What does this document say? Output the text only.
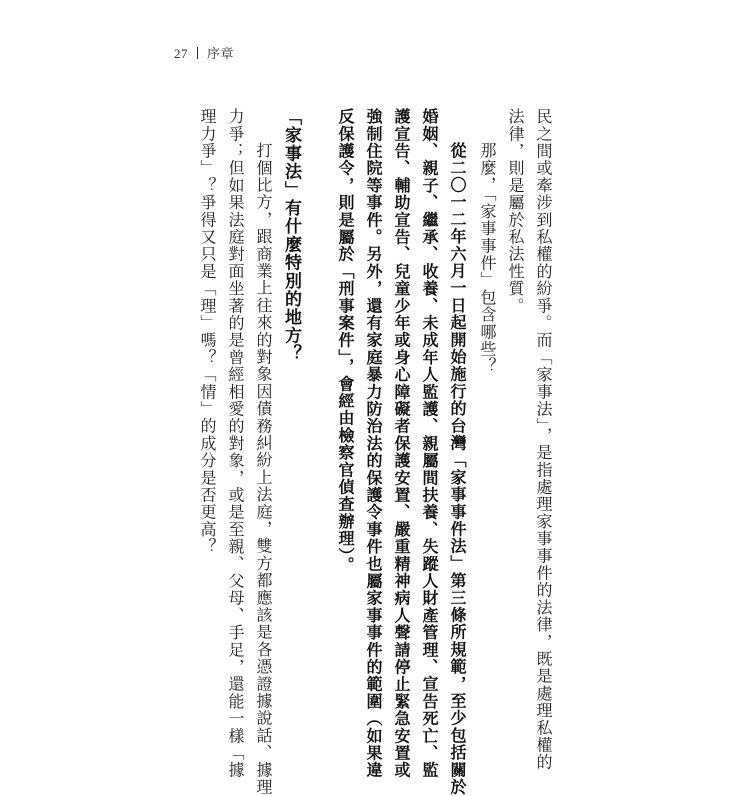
27 序章
民之間或牽涉到私權的紛爭。而「家事法」，是指處理家事事件的法律，既是處理私權的
法律，則是屬於私法性質。
那麼，「家事事件」包含哪些？
從二〇一二年六月一日起開始施行的台灣「家事事件法」第三條所規範，至少包括關於
婚姻、親子、繼承、收養、未成年人監護、親屬間扶養、失蹤人財產管理、宣告死亡、監
護宣告、輔助宣告、兒童少年或身心障礙者保護安置、嚴重精神病人聲請停止緊急安置或
強制住院等事件。另外，還有家庭暴力防治法的保護令事件也屬家事事件的範圍（如果違
反保護令，則是屬於「刑事案件」，會經由檢察官偵查辦理）。
「家事法」有什麼特別的地方？
打個比方，跟商業上往來的對象因債務糾紛上法庭，雙方都應該是各憑證據說話、據理
力爭；但如果法庭對面坐著的是曾經相愛的對象，或是至親、父母、手足，還能一樣「據
理力爭」？爭得又只是「理」嗎？「情」的成分是否更高？
